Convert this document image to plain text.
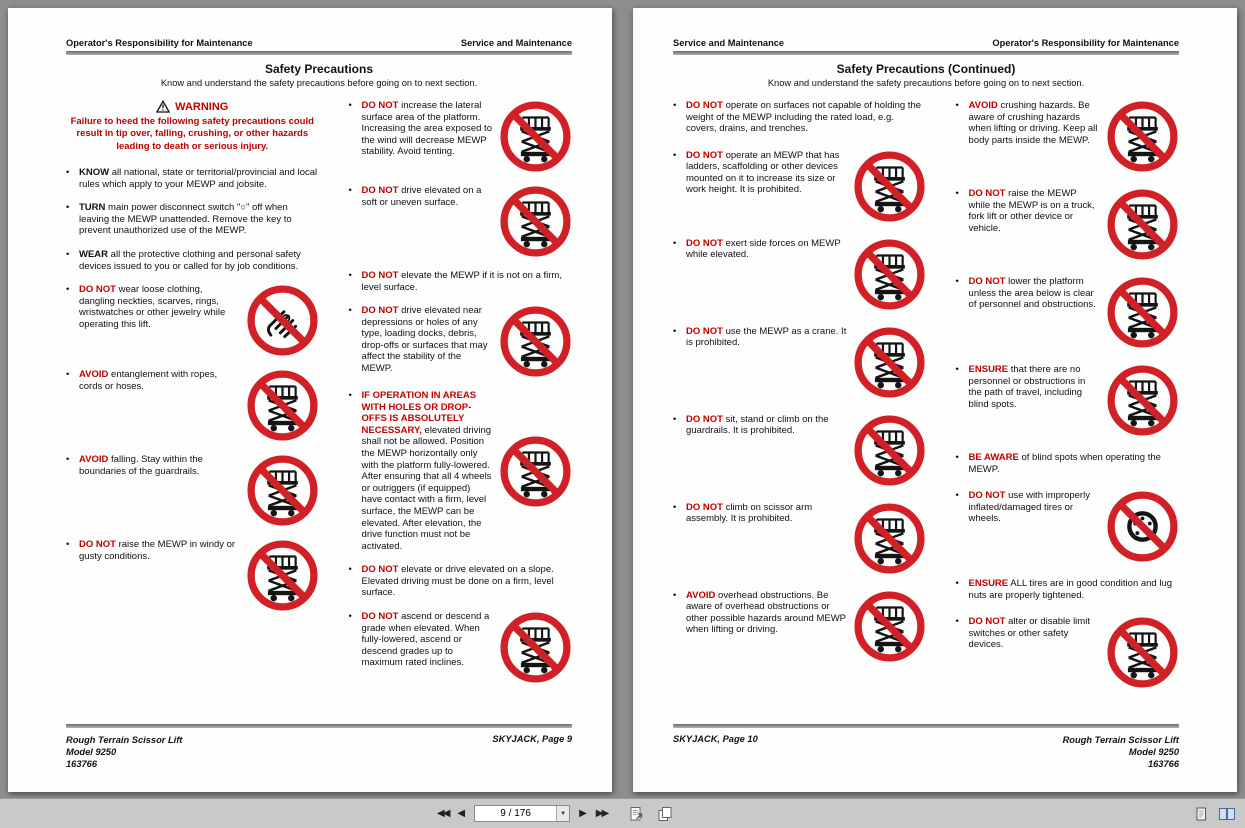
Operator's Responsibility for Maintenance	Service and Maintenance
Safety Precautions
Know and understand the safety precautions before going on to next section.
WARNING
Failure to heed the following safety precautions could result in tip over, falling, crushing, or other hazards leading to death or serious injury.
•	KNOW all national, state or territorial/provincial and local rules which apply to your MEWP and jobsite.
•	TURN main power disconnect switch "○" off when leaving the MEWP unattended. Remove the key to prevent unauthorized use of the MEWP.
•	WEAR all the protective clothing and personal safety devices issued to you or called for by job conditions.
•	DO NOT wear loose clothing, dangling neckties, scarves, rings, wristwatches or other jewelry while operating this lift.
•	AVOID entanglement with ropes, cords or hoses.
•	AVOID falling. Stay within the boundaries of the guardrails.
•	DO NOT raise the MEWP in windy or gusty conditions.
•	DO NOT increase the lateral surface area of the platform. Increasing the area exposed to the wind will decrease MEWP stability. Avoid tenting.
•	DO NOT drive elevated on a soft or uneven surface.
•	DO NOT elevate the MEWP if it is not on a firm, level surface.
•	DO NOT drive elevated near depressions or holes of any type, loading docks, debris, drop-offs or surfaces that may affect the stability of the MEWP.
•	IF OPERATION IN AREAS WITH HOLES OR DROP-OFFS IS ABSOLUTELY NECESSARY, elevated driving shall not be allowed. Position the MEWP horizontally only with the platform fully-lowered. After ensuring that all 4 wheels or outriggers (if equipped) have contact with a firm, level surface, the MEWP can be elevated. After elevation, the drive function must not be activated.
•	DO NOT elevate or drive elevated on a slope. Elevated driving must be done on a firm, level surface.
•	DO NOT ascend or descend a grade when elevated. When fully-lowered, ascend or descend grades up to maximum rated inclines.
Rough Terrain Scissor Lift
Model 9250
163766
SKYJACK, Page 9
Service and Maintenance	Operator's Responsibility for Maintenance
Safety Precautions (Continued)
Know and understand the safety precautions before going on to next section.
•	DO NOT operate on surfaces not capable of holding the weight of the MEWP including the rated load, e.g. covers, drains, and trenches.
•	DO NOT operate an MEWP that has ladders, scaffolding or other devices mounted on it to increase its size or work height. It is prohibited.
•	DO NOT exert side forces on MEWP while elevated.
•	DO NOT use the MEWP as a crane. It is prohibited.
•	DO NOT sit, stand or climb on the guardrails. It is prohibited.
•	DO NOT climb on scissor arm assembly. It is prohibited.
•	AVOID overhead obstructions. Be aware of overhead obstructions or other possible hazards around MEWP when lifting or driving.
•	AVOID crushing hazards. Be aware of crushing hazards when lifting or driving. Keep all body parts inside the MEWP.
•	DO NOT raise the MEWP while the MEWP is on a truck, fork lift or other device or vehicle.
•	DO NOT lower the platform unless the area below is clear of personnel and obstructions.
•	ENSURE that there are no personnel or obstructions in the path of travel, including blind spots.
•	BE AWARE of blind spots when operating the MEWP.
•	DO NOT use with improperly inflated/damaged tires or wheels.
•	ENSURE ALL tires are in good condition and lug nuts are properly tightened.
•	DO NOT alter or disable limit switches or other safety devices.
SKYJACK, Page 10	Rough Terrain Scissor Lift
Model 9250
163766
◀◀ ◀
9 / 176	▼	▶ ▶▶
